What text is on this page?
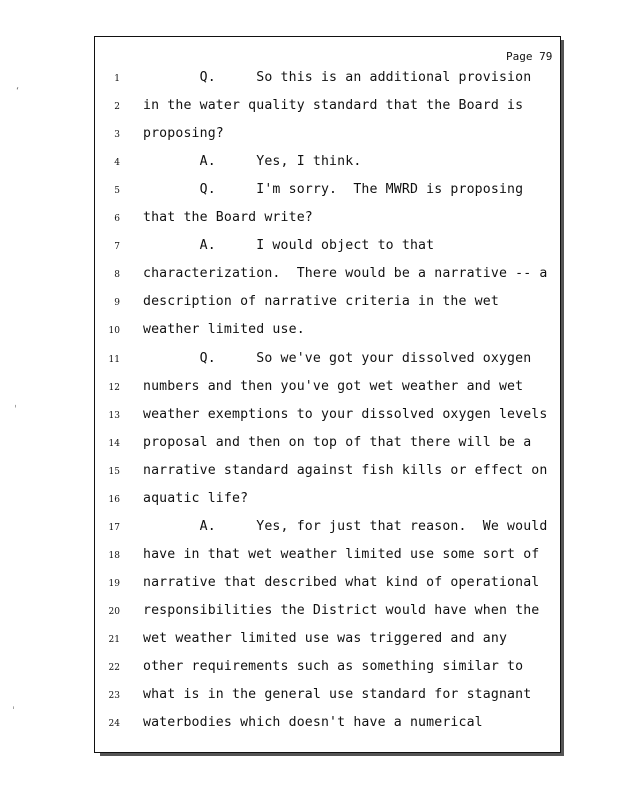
Page 79
1 Q.     So this is an additional provision
2 in the water quality standard that the Board is
3 proposing?
4 A.     Yes, I think.
5 Q.     I'm sorry.  The MWRD is proposing
6 that the Board write?
7 A.     I would object to that
8 characterization.  There would be a narrative -- a
9 description of narrative criteria in the wet
10 weather limited use.
11 Q.     So we've got your dissolved oxygen
12 numbers and then you've got wet weather and wet
13 weather exemptions to your dissolved oxygen levels
14 proposal and then on top of that there will be a
15 narrative standard against fish kills or effect on
16 aquatic life?
17 A.     Yes, for just that reason.  We would
18 have in that wet weather limited use some sort of
19 narrative that described what kind of operational
20 responsibilities the District would have when the
21 wet weather limited use was triggered and any
22 other requirements such as something similar to
23 what is in the general use standard for stagnant
24 waterbodies which doesn't have a numerical
‘
ˌ
ˈ
